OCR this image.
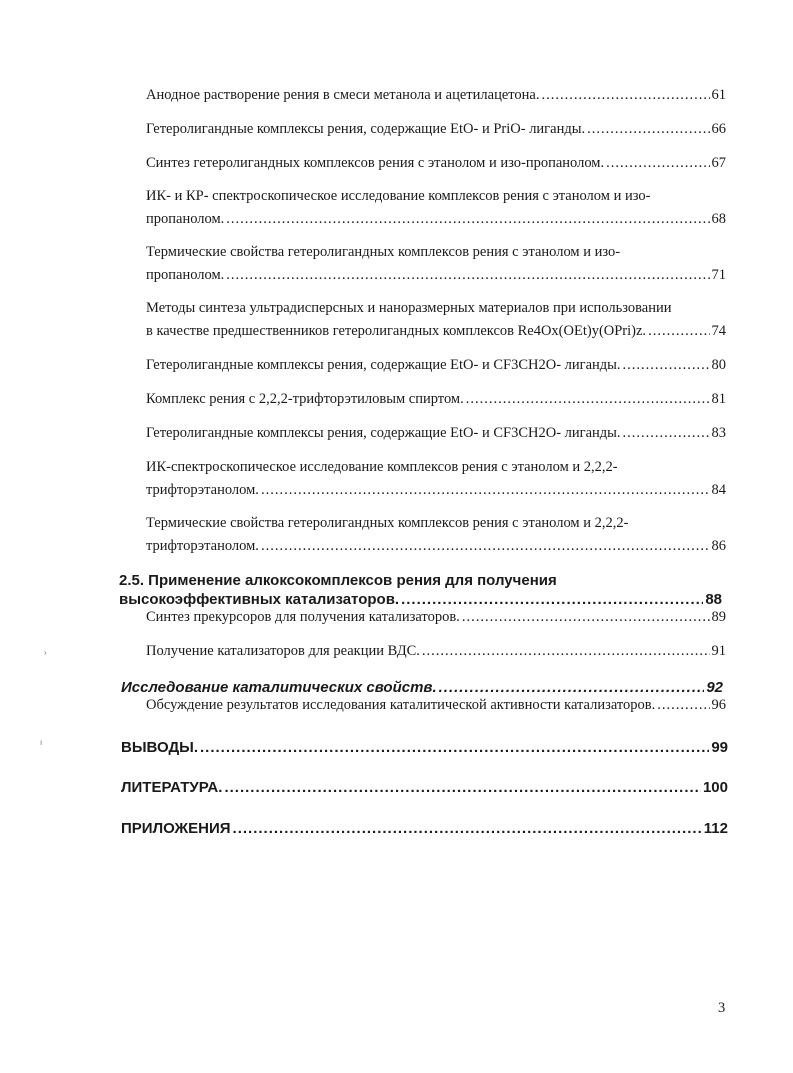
Анодное растворение рения в смеси метанола и ацетилацетона. .....	61
Гетеролигандные комплексы рения, содержащие EtO- и PriO- лиганды. .....	66
Синтез гетеролигандных комплексов рения с этанолом и изо-пропанолом. .....	67
ИК- и КР- спектроскопическое исследование комплексов рения с этанолом и изо-
пропанолом. .....	68
Термические свойства гетеролигандных комплексов рения с этанолом и изо-
пропанолом. .....	71
Методы синтеза ультрадисперсных и наноразмерных материалов при использовании
в качестве предшественников гетеролигандных комплексов Re4Ox(OEt)y(OPri)z. .....	74
Гетеролигандные комплексы рения, содержащие EtO- и CF3CH2O- лиганды. .....	80
Комплекс рения с 2,2,2-трифторэтиловым спиртом. .....	81
Гетеролигандные комплексы рения, содержащие EtO- и CF3CH2O- лиганды. .....	83
ИК-спектроскопическое исследование комплексов рения с этанолом и 2,2,2-
трифторэтанолом. .....	84
Термические свойства гетеролигандных комплексов рения с этанолом и 2,2,2-
трифторэтанолом. .....	86
2.5. Применение алкоксокомплексов рения для получения
высокоэффективных катализаторов. .....	88
Синтез прекурсоров для получения катализаторов. .....	89
Получение катализаторов для реакции ВДС. .....	91
Исследование каталитических свойств. .....	92
Обсуждение результатов исследования каталитической активности катализаторов. .....	96
ВЫВОДЫ. .....	99
ЛИТЕРАТУРА. .....	100
ПРИЛОЖЕНИЯ .....	112
›
ı
3
